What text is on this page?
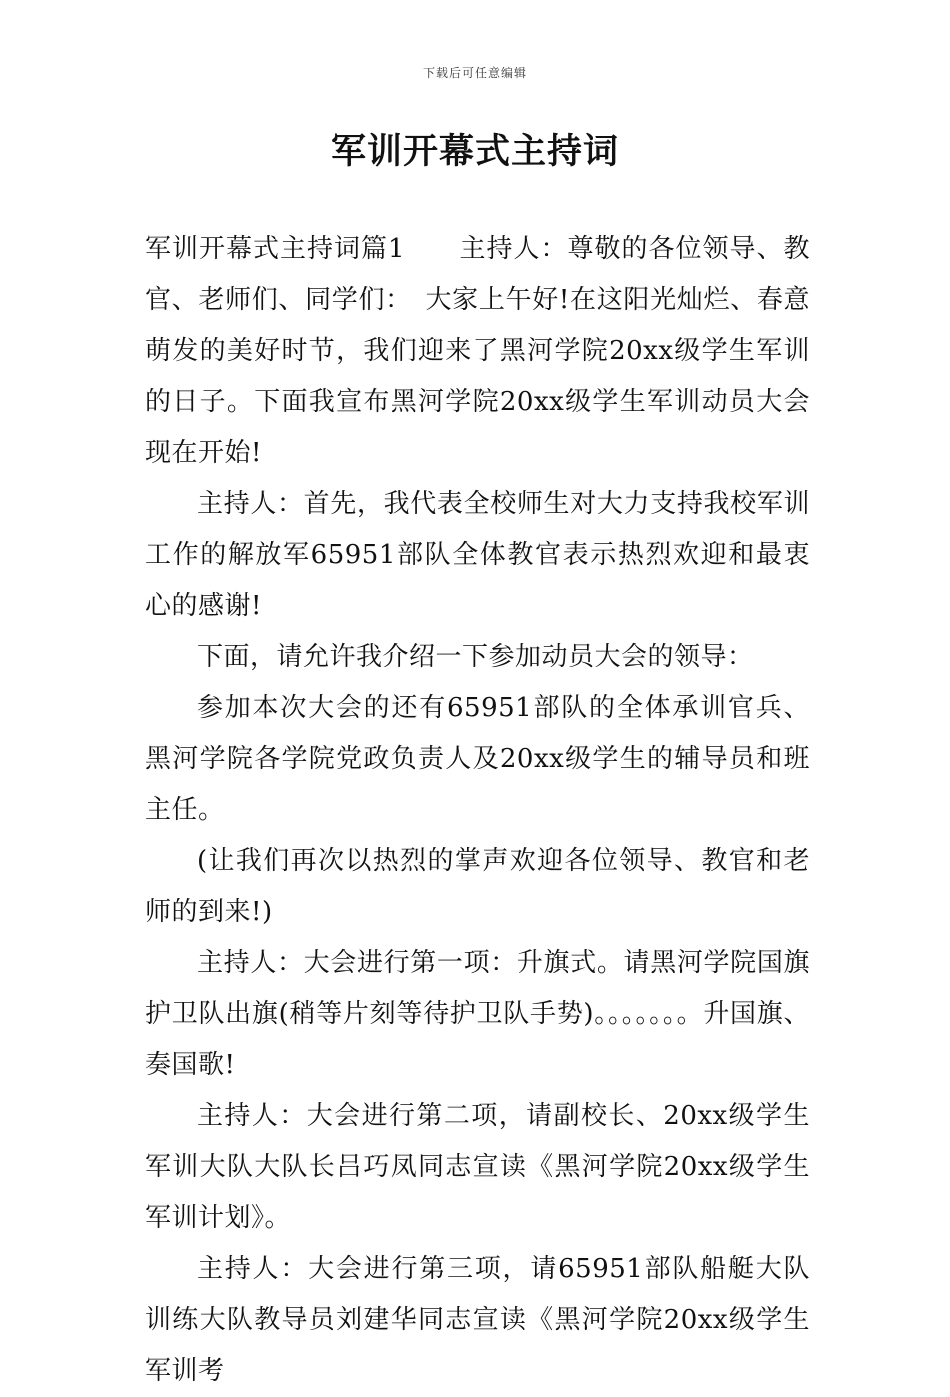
下载后可任意编辑
军训开幕式主持词

军训开幕式主持词篇1　　主持人：尊敬的各位领导、教官、老师们、同学们：　大家上午好!在这阳光灿烂、春意萌发的美好时节，我们迎来了黑河学院20xx级学生军训的日子。下面我宣布黑河学院20xx级学生军训动员大会现在开始!

主持人：首先，我代表全校师生对大力支持我校军训工作的解放军65951部队全体教官表示热烈欢迎和最衷心的感谢!

下面，请允许我介绍一下参加动员大会的领导：

参加本次大会的还有65951部队的全体承训官兵、黑河学院各学院党政负责人及20xx级学生的辅导员和班主任。

(让我们再次以热烈的掌声欢迎各位领导、教官和老师的到来!)

主持人：大会进行第一项：升旗式。请黑河学院国旗护卫队出旗(稍等片刻等待护卫队手势)。。。。。。。升国旗、奏国歌!

主持人：大会进行第二项，请副校长、20xx级学生军训大队大队长吕巧凤同志宣读《黑河学院20xx级学生军训计划》。

主持人：大会进行第三项，请65951部队船艇大队训练大队教导员刘建华同志宣读《黑河学院20xx级学生军训考
